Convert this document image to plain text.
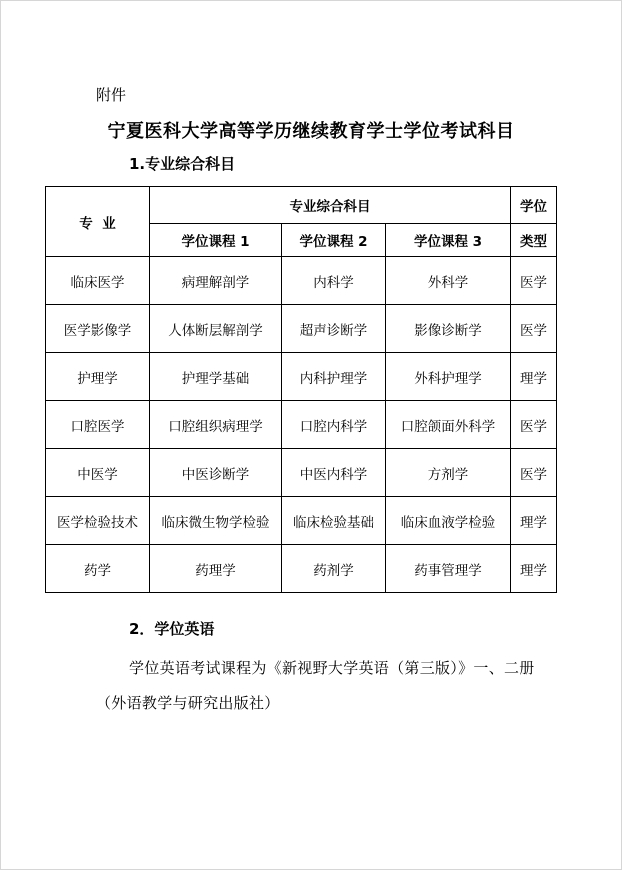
附件
宁夏医科大学高等学历继续教育学士学位考试科目
1.专业综合科目
专  业	专业综合科目			学位
	学位课程 1	学位课程 2	学位课程 3	类型
临床医学	病理解剖学	内科学	外科学	医学
医学影像学	人体断层解剖学	超声诊断学	影像诊断学	医学
护理学	护理学基础	内科护理学	外科护理学	理学
口腔医学	口腔组织病理学	口腔内科学	口腔颌面外科学	医学
中医学	中医诊断学	中医内科学	方剂学	医学
医学检验技术	临床微生物学检验	临床检验基础	临床血液学检验	理学
药学	药理学	药剂学	药事管理学	理学
2．学位英语
学位英语考试课程为《新视野大学英语（第三版）》一、二册（外语教学与研究出版社）
